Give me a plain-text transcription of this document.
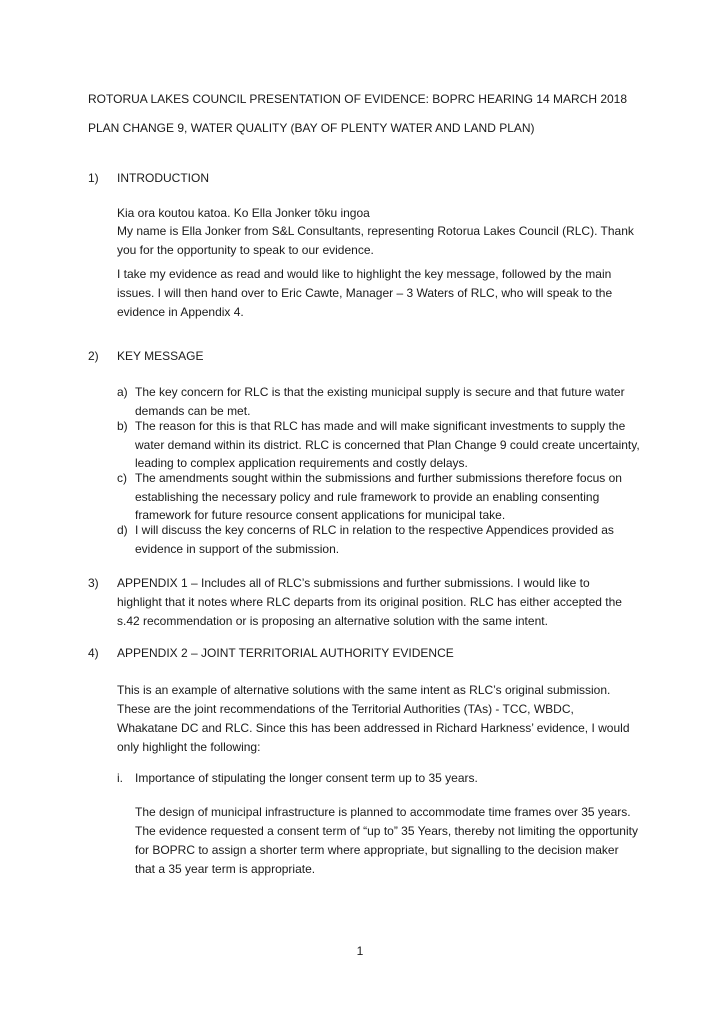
ROTORUA LAKES COUNCIL PRESENTATION OF EVIDENCE: BOPRC HEARING 14 MARCH 2018
PLAN CHANGE 9, WATER QUALITY (BAY OF PLENTY WATER AND LAND PLAN)
1) INTRODUCTION
Kia ora koutou katoa. Ko Ella Jonker tōku ingoa
My name is Ella Jonker from S&L Consultants, representing Rotorua Lakes Council (RLC). Thank you for the opportunity to speak to our evidence.
I take my evidence as read and would like to highlight the key message, followed by the main issues. I will then hand over to Eric Cawte, Manager – 3 Waters of RLC, who will speak to the evidence in Appendix 4.
2) KEY MESSAGE
a) The key concern for RLC is that the existing municipal supply is secure and that future water demands can be met.
b) The reason for this is that RLC has made and will make significant investments to supply the water demand within its district. RLC is concerned that Plan Change 9 could create uncertainty, leading to complex application requirements and costly delays.
c) The amendments sought within the submissions and further submissions therefore focus on establishing the necessary policy and rule framework to provide an enabling consenting framework for future resource consent applications for municipal take.
d) I will discuss the key concerns of RLC in relation to the respective Appendices provided as evidence in support of the submission.
3) APPENDIX 1 – Includes all of RLC’s submissions and further submissions. I would like to highlight that it notes where RLC departs from its original position. RLC has either accepted the s.42 recommendation or is proposing an alternative solution with the same intent.
4) APPENDIX 2 – JOINT TERRITORIAL AUTHORITY EVIDENCE
This is an example of alternative solutions with the same intent as RLC’s original submission. These are the joint recommendations of the Territorial Authorities (TAs) - TCC, WBDC, Whakatane DC and RLC. Since this has been addressed in Richard Harkness’ evidence, I would only highlight the following:
i. Importance of stipulating the longer consent term up to 35 years.
The design of municipal infrastructure is planned to accommodate time frames over 35 years. The evidence requested a consent term of “up to” 35 Years, thereby not limiting the opportunity for BOPRC to assign a shorter term where appropriate, but signalling to the decision maker that a 35 year term is appropriate.
1
